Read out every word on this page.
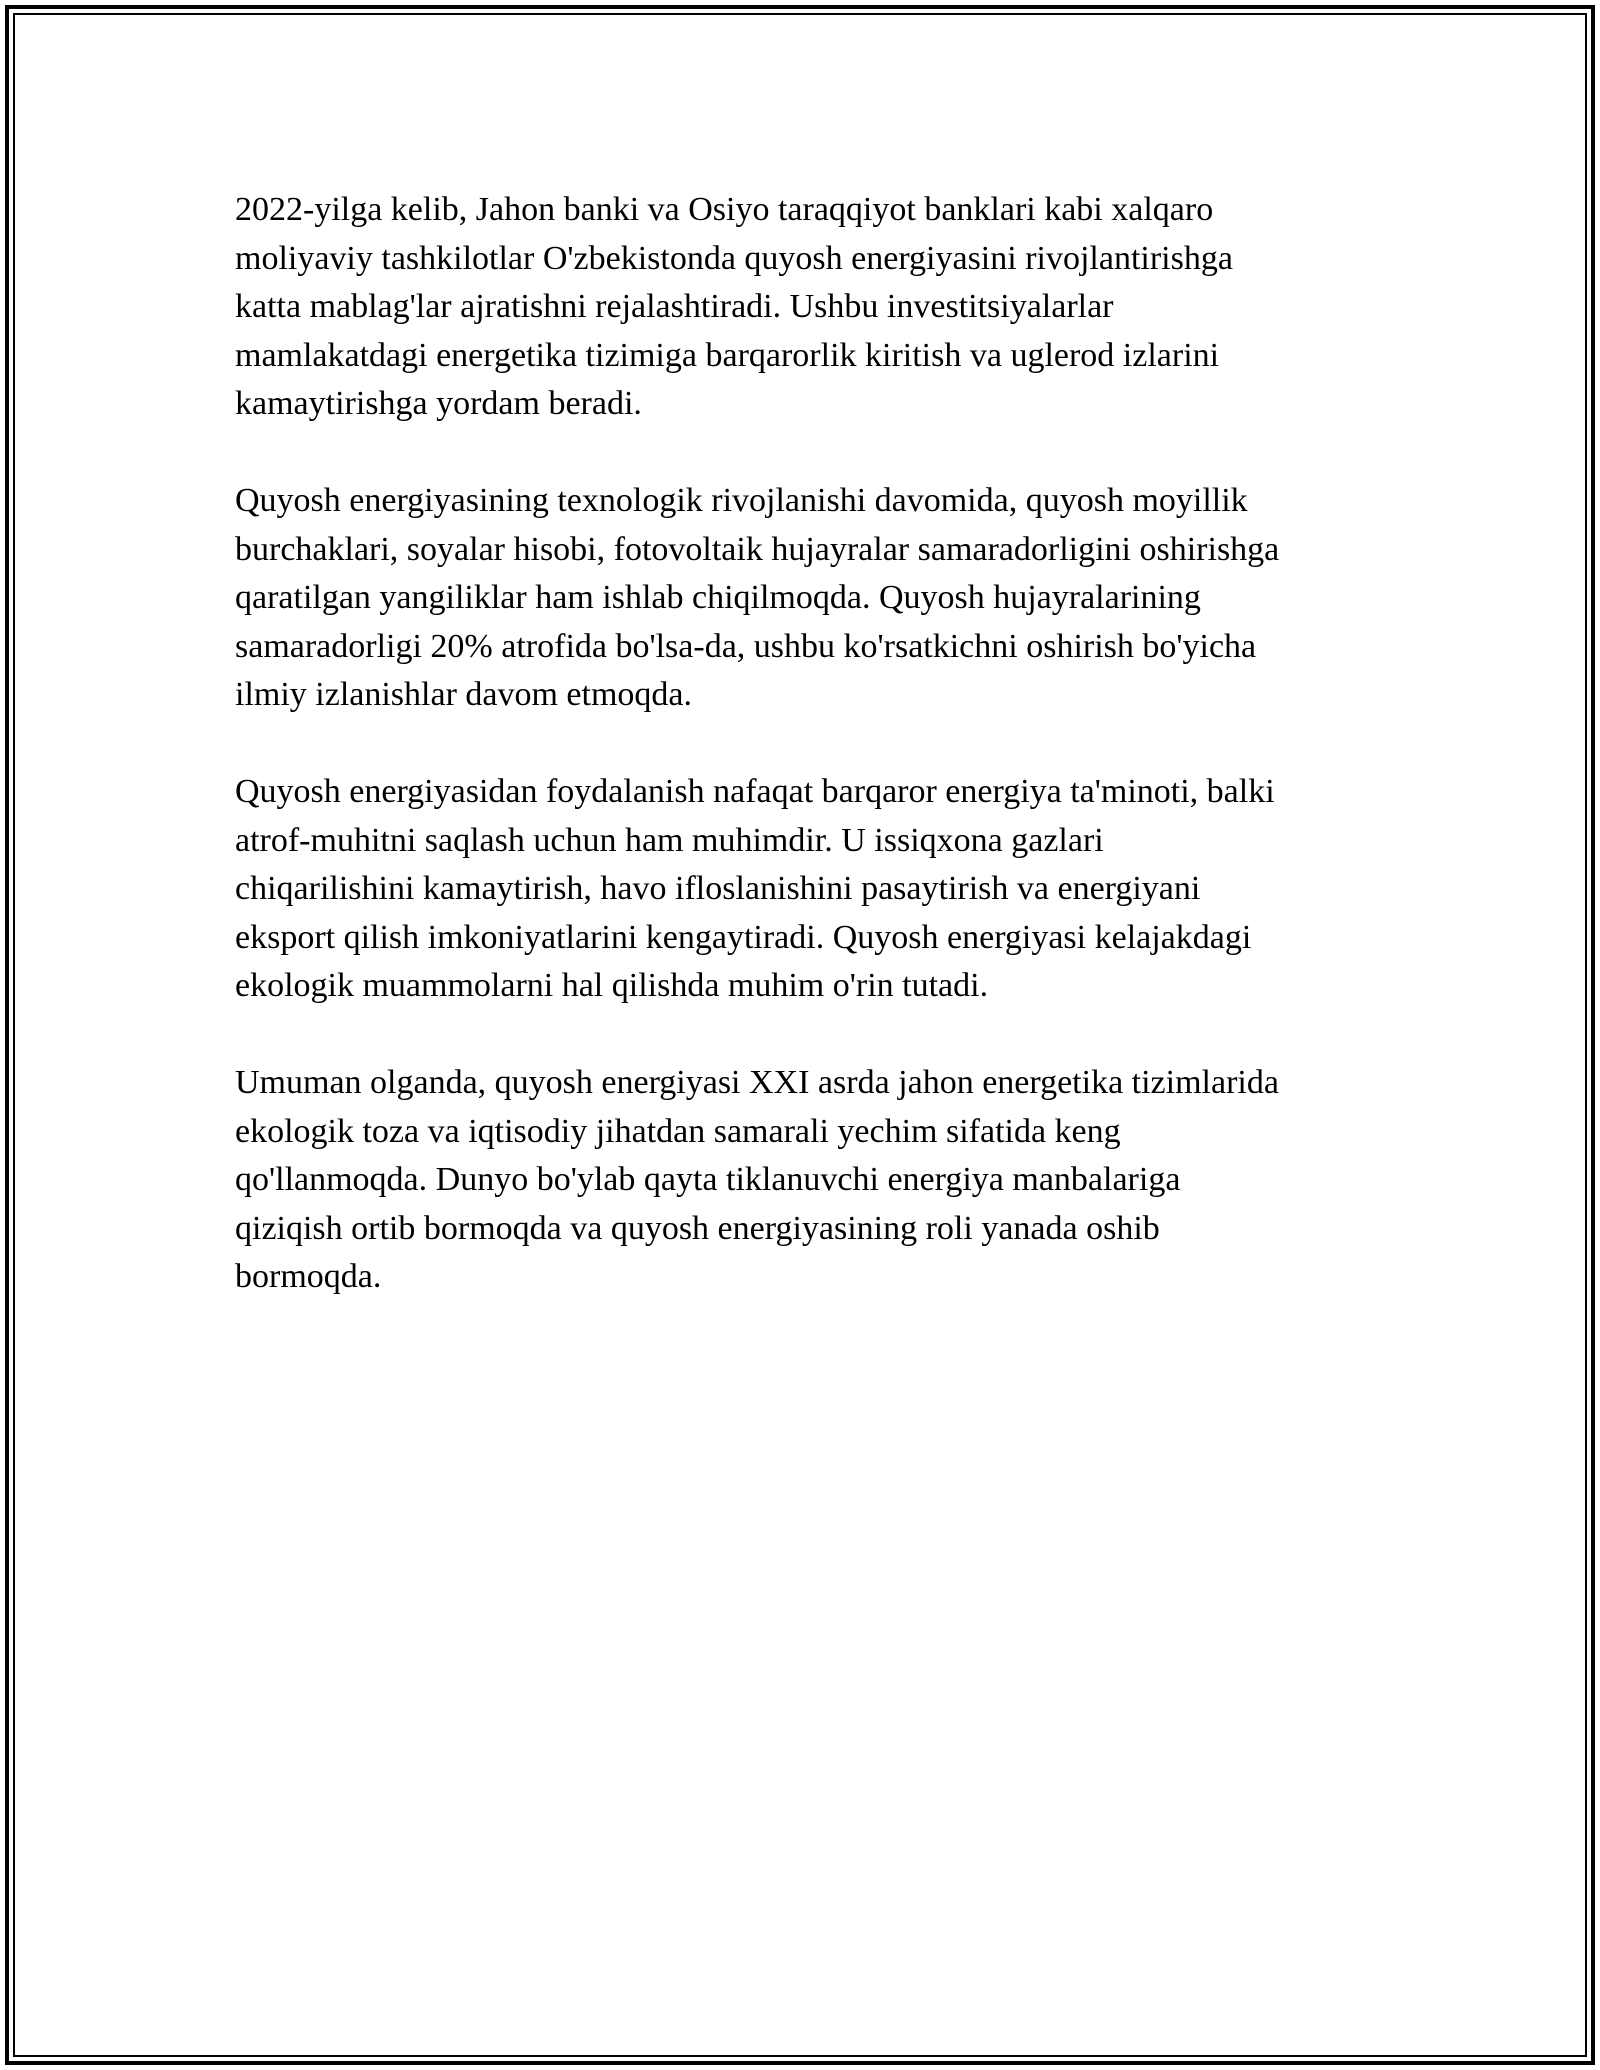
2022-yilga kelib, Jahon banki va Osiyo taraqqiyot banklari kabi xalqaro
moliyaviy tashkilotlar O'zbekistonda quyosh energiyasini rivojlantirishga
katta mablag'lar ajratishni rejalashtiradi. Ushbu investitsiyalarlar
mamlakatdagi energetika tizimiga barqarorlik kiritish va uglerod izlarini
kamaytirishga yordam beradi.

Quyosh energiyasining texnologik rivojlanishi davomida, quyosh moyillik
burchaklari, soyalar hisobi, fotovoltaik hujayralar samaradorligini oshirishga
qaratilgan yangiliklar ham ishlab chiqilmoqda. Quyosh hujayralarining
samaradorligi 20% atrofida bo'lsa-da, ushbu ko'rsatkichni oshirish bo'yicha
ilmiy izlanishlar davom etmoqda.

Quyosh energiyasidan foydalanish nafaqat barqaror energiya ta'minoti, balki
atrof-muhitni saqlash uchun ham muhimdir. U issiqxona gazlari
chiqarilishini kamaytirish, havo ifloslanishini pasaytirish va energiyani
eksport qilish imkoniyatlarini kengaytiradi. Quyosh energiyasi kelajakdagi
ekologik muammolarni hal qilishda muhim o'rin tutadi.

Umuman olganda, quyosh energiyasi XXI asrda jahon energetika tizimlarida
ekologik toza va iqtisodiy jihatdan samarali yechim sifatida keng
qo'llanmoqda. Dunyo bo'ylab qayta tiklanuvchi energiya manbalariga
qiziqish ortib bormoqda va quyosh energiyasining roli yanada oshib
bormoqda.
